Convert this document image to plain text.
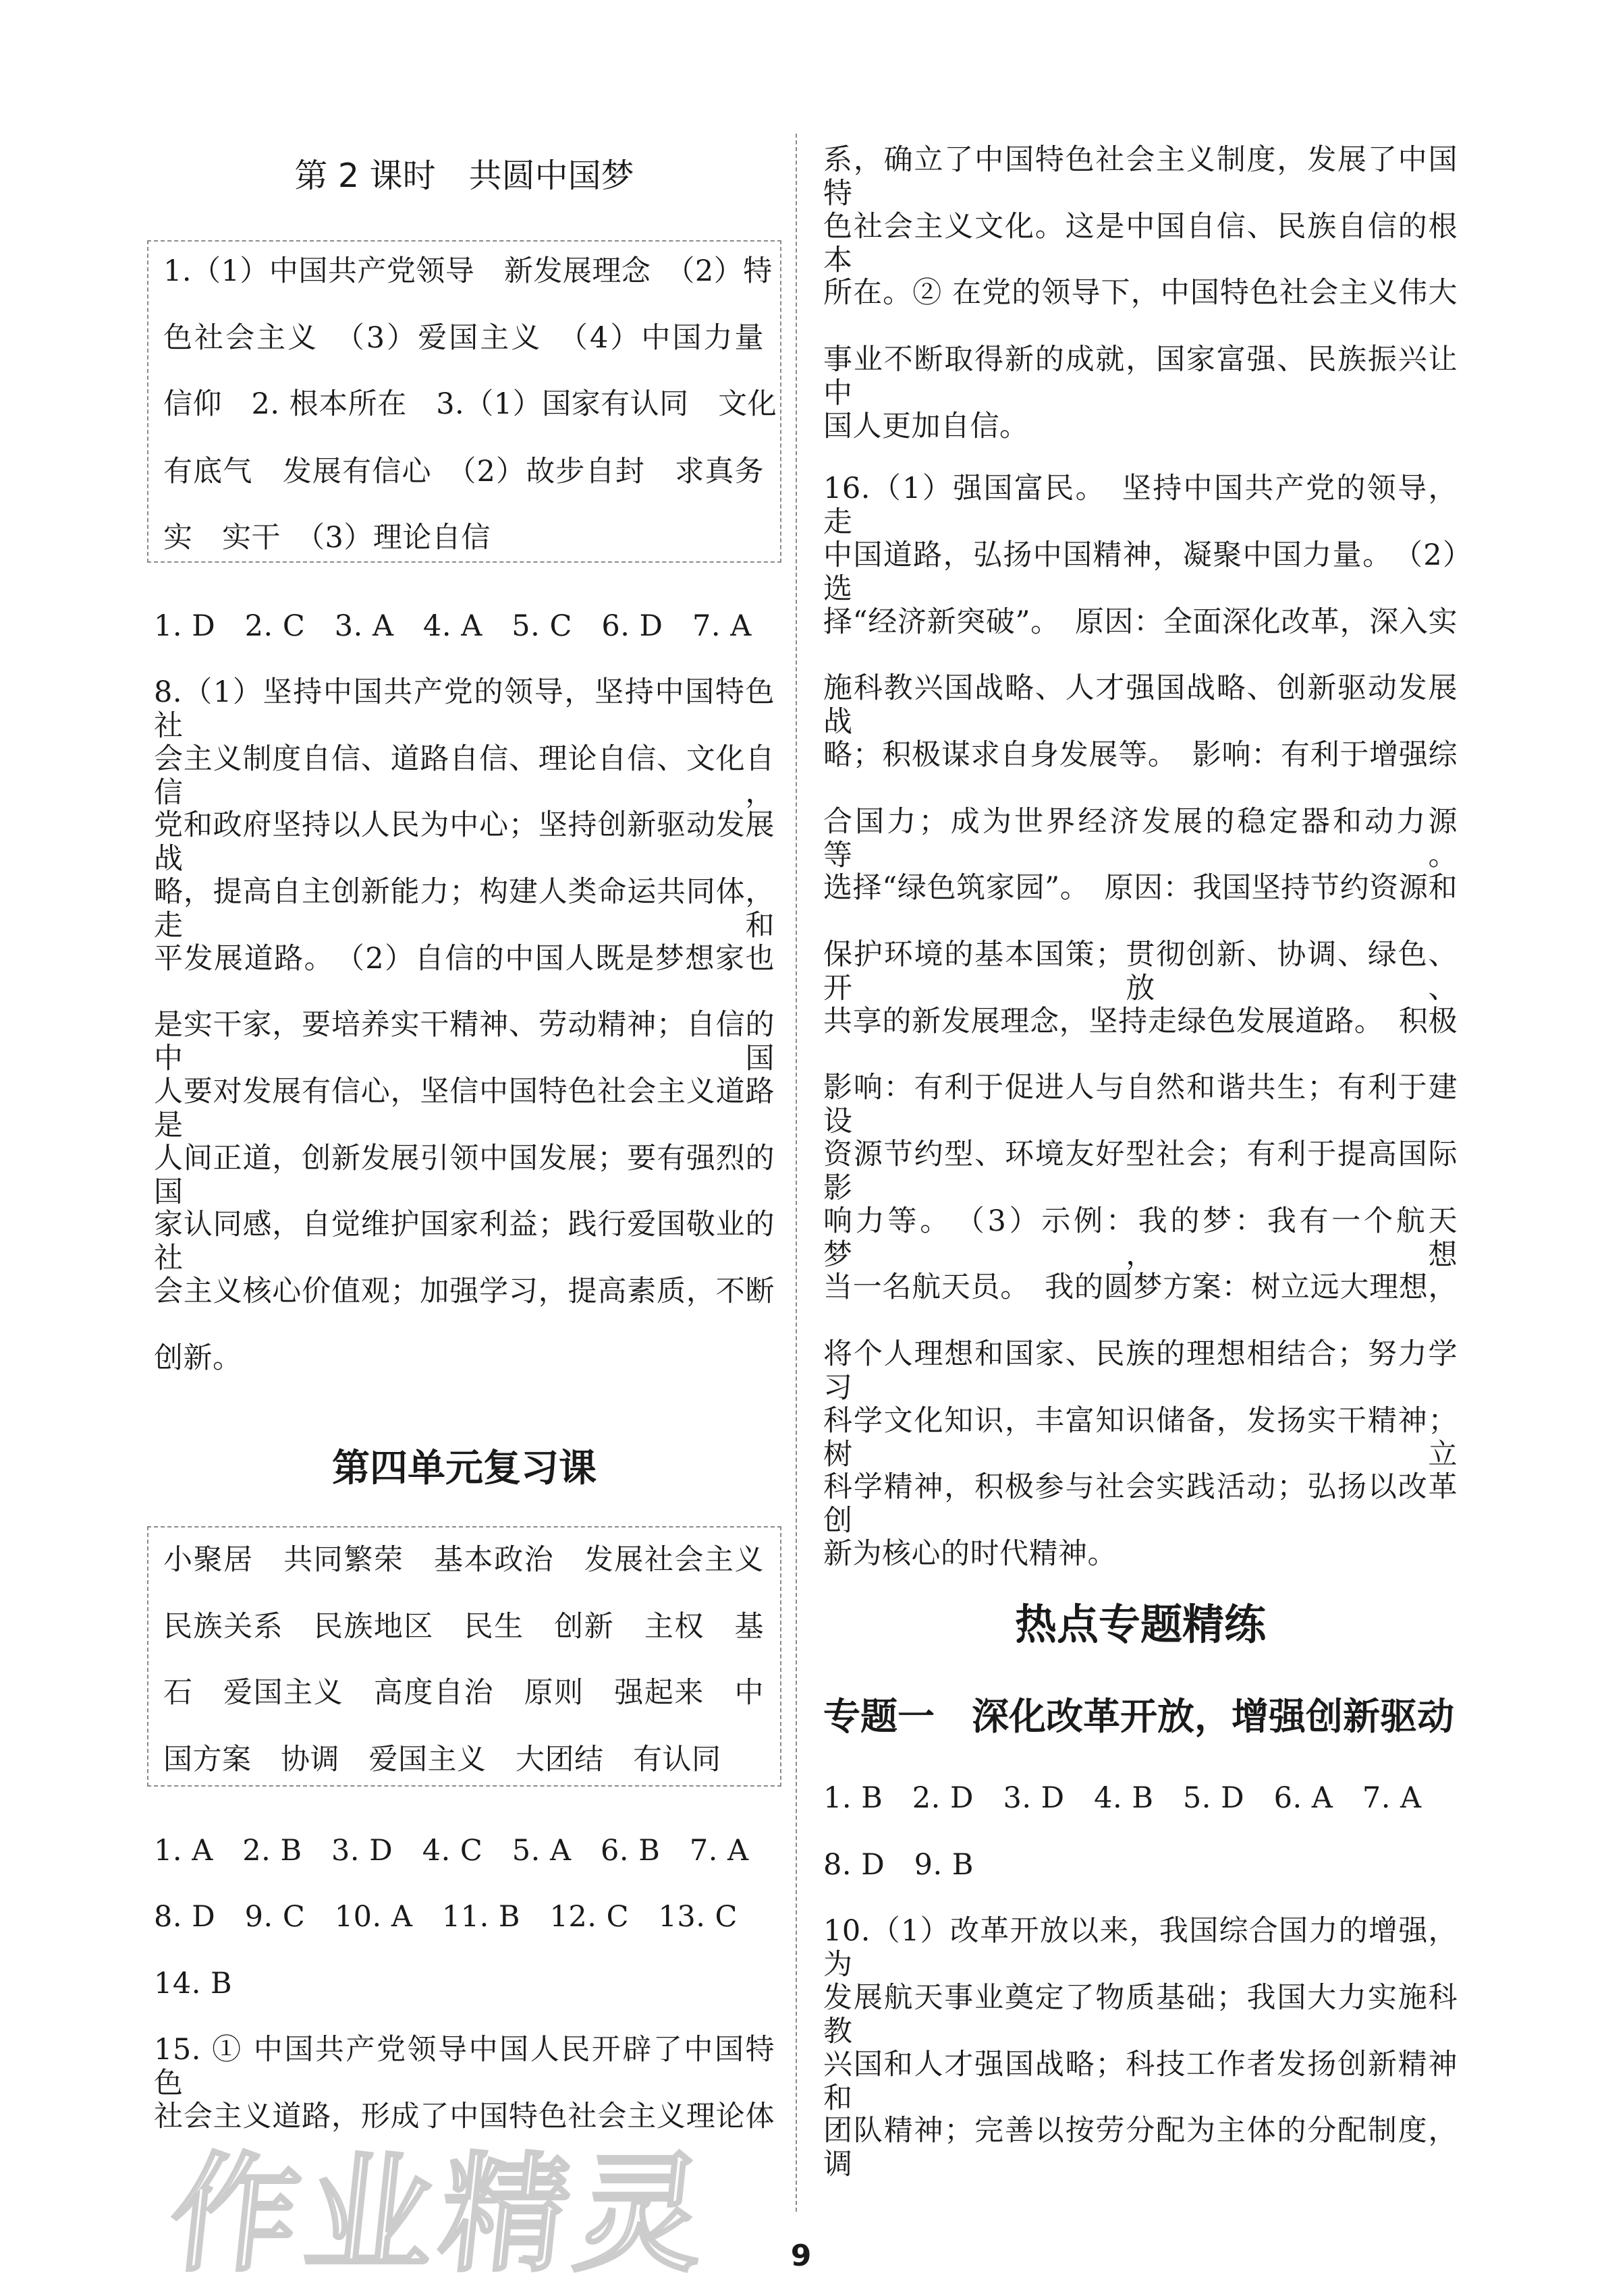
第 2 课时　共圆中国梦
1.（1）中国共产党领导　新发展理念　（2）特
色社会主义　（3）爱国主义　（4）中国力量
信仰　2. 根本所在　3.（1）国家有认同　文化
有底气　发展有信心　（2）故步自封　求真务
实　实干　（3）理论自信
1. D　2. C　3. A　4. A　5. C　6. D　7. A
8.（1）坚持中国共产党的领导，坚持中国特色社
会主义制度自信、道路自信、理论自信、文化自信，
党和政府坚持以人民为中心；坚持创新驱动发展战
略，提高自主创新能力；构建人类命运共同体，走和
平发展道路。　（2）自信的中国人既是梦想家也
是实干家，要培养实干精神、劳动精神；自信的中国
人要对发展有信心，坚信中国特色社会主义道路是
人间正道，创新发展引领中国发展；要有强烈的国
家认同感，自觉维护国家利益；践行爱国敬业的社
会主义核心价值观；加强学习，提高素质，不断
创新。
第四单元复习课
小聚居　共同繁荣　基本政治　发展社会主义
民族关系　民族地区　民生　创新　主权　基
石　爱国主义　高度自治　原则　强起来　中
国方案　协调　爱国主义　大团结　有认同
1. A　2. B　3. D　4. C　5. A　6. B　7. A
8. D　9. C　10. A　11. B　12. C　13. C
14. B
15. ① 中国共产党领导中国人民开辟了中国特色
社会主义道路，形成了中国特色社会主义理论体
系，确立了中国特色社会主义制度，发展了中国特
色社会主义文化。这是中国自信、民族自信的根本
所在。② 在党的领导下，中国特色社会主义伟大
事业不断取得新的成就，国家富强、民族振兴让中
国人更加自信。
16.（1）强国富民。　坚持中国共产党的领导，走
中国道路，弘扬中国精神，凝聚中国力量。　（2）选
择“经济新突破”。　原因：全面深化改革，深入实
施科教兴国战略、人才强国战略、创新驱动发展战
略；积极谋求自身发展等。　影响：有利于增强综
合国力；成为世界经济发展的稳定器和动力源等。
选择“绿色筑家园”。　原因：我国坚持节约资源和
保护环境的基本国策；贯彻创新、协调、绿色、开放、
共享的新发展理念，坚持走绿色发展道路。　积极
影响：有利于促进人与自然和谐共生；有利于建设
资源节约型、环境友好型社会；有利于提高国际影
响力等。　（3）示例：我的梦：我有一个航天梦，想
当一名航天员。　我的圆梦方案：树立远大理想，
将个人理想和国家、民族的理想相结合；努力学习
科学文化知识，丰富知识储备，发扬实干精神；树立
科学精神，积极参与社会实践活动；弘扬以改革创
新为核心的时代精神。
热点专题精练
专题一　深化改革开放，增强创新驱动
1. B　2. D　3. D　4. B　5. D　6. A　7. A
8. D　9. B
10.（1）改革开放以来，我国综合国力的增强，为
发展航天事业奠定了物质基础；我国大力实施科教
兴国和人才强国战略；科技工作者发扬创新精神和
团队精神；完善以按劳分配为主体的分配制度，调
作业精灵	9
